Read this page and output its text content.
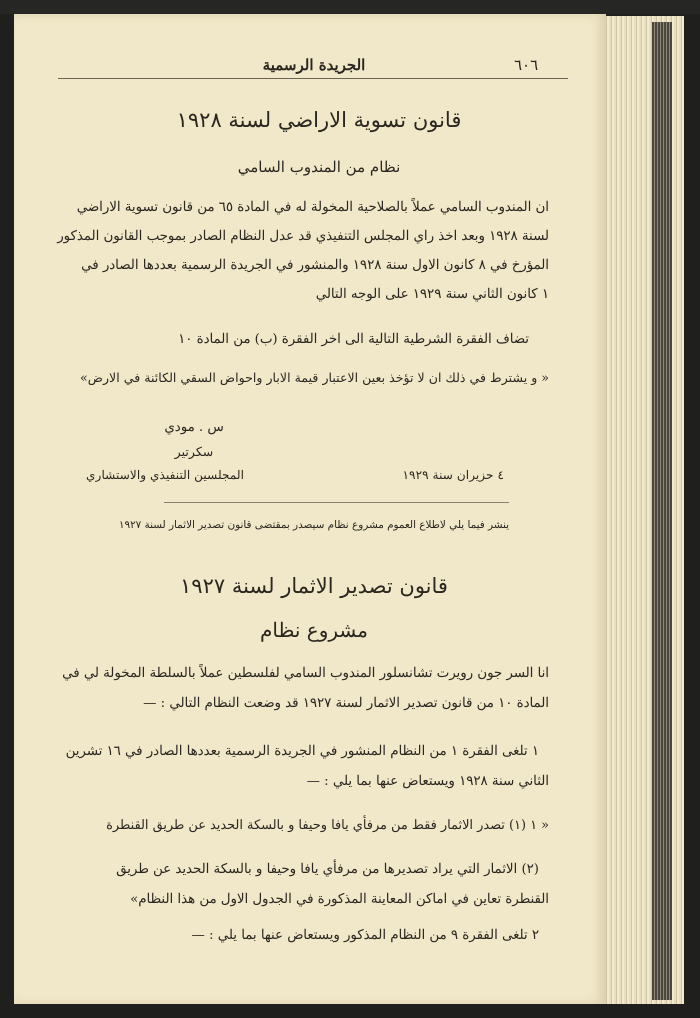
الجريدة الرسمية	٦٠٦
قانون تسوية الاراضي لسنة ١٩٢٨
نظام من المندوب السامي
ان المندوب السامي عملاً بالصلاحية المخولة له في المادة ٦٥ من قانون تسوية الاراضي
لسنة ١٩٢٨ وبعد اخذ راي المجلس التنفيذي قد عدل النظام الصادر بموجب القانون المذكور
المؤرخ في ٨ كانون الاول سنة ١٩٢٨ والمنشور في الجريدة الرسمية بعددها الصادر في
١ كانون الثاني سنة ١٩٢٩ على الوجه التالي
تضاف الفقرة الشرطية التالية الى اخر الفقرة (ب) من المادة ١٠
« و يشترط في ذلك ان لا تؤخذ بعين الاعتبار قيمة الابار واحواض السقي الكائنة في الارض»
س . مودي
سكرتير
المجلسين التنفيذي والاستشاري	٤ حزيران سنة ١٩٢٩
ينشر فيما يلي لاطلاع العموم مشروع نظام سيصدر بمقتضى قانون تصدير الاثمار لسنة ١٩٢٧
قانون تصدير الاثمار لسنة ١٩٢٧
مشروع نظام
انا السر جون رويرت تشانسلور المندوب السامي لفلسطين عملاً بالسلطة المخولة لي في
المادة ١٠ من قانون تصدير الاثمار لسنة ١٩٢٧ قد وضعت النظام التالي : —
١ تلغى الفقرة ١ من النظام المنشور في الجريدة الرسمية بعددها الصادر في ١٦ تشرين
الثاني سنة ١٩٢٨ ويستعاض عنها بما يلي : —
« ١ (١) تصدر الاثمار فقط من مرفأي يافا وحيفا و بالسكة الحديد عن طريق القنطرة
(٢) الاثمار التي يراد تصديرها من مرفأي يافا وحيفا و بالسكة الحديد عن طريق
القنطرة تعاين في اماكن المعاينة المذكورة في الجدول الاول من هذا النظام»
٢ تلغى الفقرة ٩ من النظام المذكور ويستعاض عنها بما يلي : —
